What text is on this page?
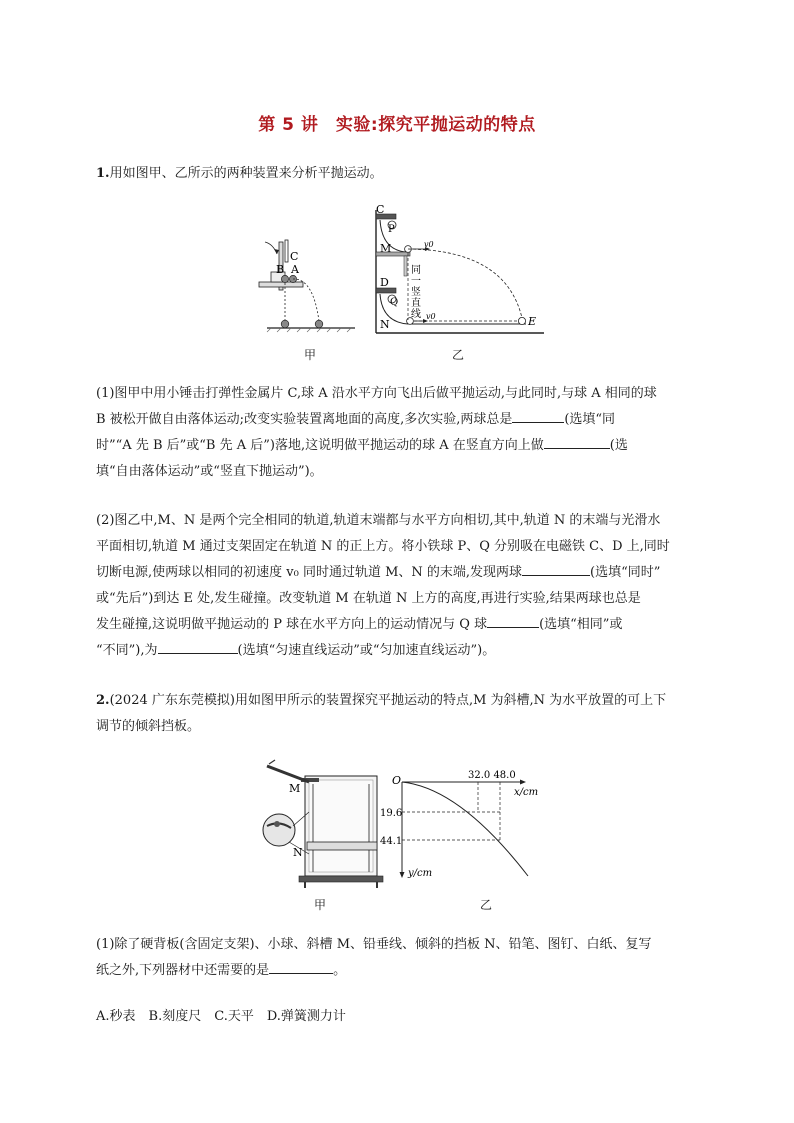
第 5 讲　实验:探究平抛运动的特点

1.用如图甲、乙所示的两种装置来分析平抛运动。

C
B A
甲
C
P
M
D
Q
N	E
v0
v0
同一竖直线
乙
(1)图甲中用小锤击打弹性金属片 C,球 A 沿水平方向飞出后做平抛运动,与此同时,与球 A 相同的球
B 被松开做自由落体运动;改变实验装置离地面的高度,多次实验,两球总是	(选填“同
时”“A 先 B 后”或“B 先 A 后”)落地,这说明做平抛运动的球 A 在竖直方向上做	(选
填“自由落体运动”或“竖直下抛运动”)。
(2)图乙中,M、N 是两个完全相同的轨道,轨道末端都与水平方向相切,其中,轨道 N 的末端与光滑水
平面相切,轨道 M 通过支架固定在轨道 N 的正上方。将小铁球 P、Q 分别吸在电磁铁 C、D 上,同时
切断电源,使两球以相同的初速度 v₀ 同时通过轨道 M、N 的末端,发现两球	(选填“同时”
或“先后”)到达 E 处,发生碰撞。改变轨道 M 在轨道 N 上方的高度,再进行实验,结果两球也总是
发生碰撞,这说明做平抛运动的 P 球在水平方向上的运动情况与 Q 球	(选填“相同”或
“不同”),为	(选填“匀速直线运动”或“匀加速直线运动”)。
2.(2024 广东东莞模拟)用如图甲所示的装置探究平抛运动的特点,M 为斜槽,N 为水平放置的可上下
调节的倾斜挡板。
M
N
甲
O	32.0 48.0
x/cm
19.6
44.1
y/cm
乙
(1)除了硬背板(含固定支架)、小球、斜槽 M、铅垂线、倾斜的挡板 N、铅笔、图钉、白纸、复写
纸之外,下列器材中还需要的是	。

A.秒表　B.刻度尺　C.天平　D.弹簧测力计
